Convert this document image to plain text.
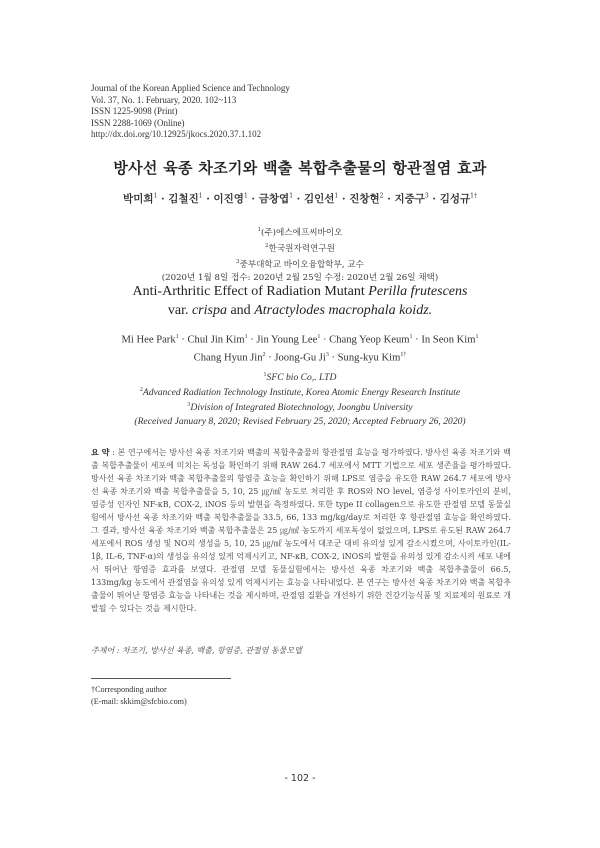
Journal of the Korean Applied Science and Technology
Vol. 37, No. 1. February, 2020. 102~113
ISSN 1225-9098 (Print)
ISSN 2288-1069 (Online)
http://dx.doi.org/10.12925/jkocs.2020.37.1.102
방사선 육종 차조기와 백출 복합추출물의 항관절염 효과
박미희$^1$ · 김철진$^1$ · 이진영$^1$ · 금창엽$^1$ · 김인선$^1$ · 진창현$^2$ · 지중구$^3$ · 김성규$^{1\dagger}$
$^1$(주)에스에프씨바이오
$^2$한국원자력연구원
$^3$중부대학교 바이오융합학부, 교수
(2020년 1월 8일 접수: 2020년 2월 25일 수정: 2020년 2월 26일 채택)
Anti-Arthritic Effect of Radiation Mutant Perilla frutescens
var. crispa and Atractylodes macrophala koidz.
Mi Hee Park$^1$ · Chul Jin Kim$^1$ · Jin Young Lee$^1$ · Chang Yeop Keum$^1$ · In Seon Kim$^1$
Chang Hyun Jin$^2$ · Joong-Gu $Ji^3$ · Sung-kyu Kim$^{1\dagger}$
$^1$SFC bio Co,. LTD
$^2$Advanced Radiation Technology Institute, Korea Atomic Energy Research Institute
$^3$Division of Integrated Biotechnology, Joongbu University
(Received January 8, 2020; Revised February 25, 2020; Accepted February 26, 2020)
요 약 : 본 연구에서는 방사선 육종 차조기와 백출의 복합추출물의 항관절염 효능을 평가하였다. 방사선 육종 차조기와 백출 복합추출물이 세포에 미치는 독성을 확인하기 위해 RAW 264.7 세포에서 MTT 기법으로 세포 생존율을 평가하였다. 방사선 육종 차조기와 백출 복합추출물의 항염증 효능을 확인하기 위해 LPS로 염증을 유도한 RAW 264.7 세포에 방사선 육종 차조기와 백출 복합추출물을 5, 10, 25 ㎍/㎖ 농도로 처리한 후 ROS와 NO level, 염증성 사이토카인의 분비, 염증성 인자인 NF-κB, COX-2, iNOS 등의 발현을 측정하였다. 또한 type II collagen으로 유도한 관절염 모델 동물실험에서 방사선 육종 차조기와 백출 복합추출물을 33.5, 66, 133 mg/kg/day로 처리한 후 항관절염 효능을 확인하였다. 그 결과, 방사선 육종 차조기와 백출 복합추출물은 25 ㎍/㎖ 농도까지 세포독성이 없었으며, LPS로 유도된 RAW 264.7 세포에서 ROS 생성 및 NO의 생성을 5, 10, 25 ㎍/㎖ 농도에서 대조군 대비 유의성 있게 감소시켰으며, 사이토카인(IL-1β, IL-6, TNF-α)의 생성을 유의성 있게 억제시키고, NF-κB, COX-2, iNOS의 발현을 유의성 있게 감소시켜 세포 내에서 뛰어난 항염증 효과를 보였다. 관절염 모델 동물실험에서는 방사선 육종 차조기와 백출 복합추출물이 66.5, 133mg/kg 농도에서 관절염을 유의성 있게 억제시키는 효능을 나타내었다. 본 연구는 방사선 육종 차조기와 백출 복합추출물이 뛰어난 항염증 효능을 나타내는 것을 제시하며, 관절염 질환을 개선하기 위한 건강기능식품 및 치료제의 원료로 개발될 수 있다는 것을 제시한다.
주제어 : 차조기, 방사선 육종, 백출, 항염증, 관절염 동물모델
†Corresponding author
(E-mail: skkim@sfcbio.com)
- 102 -
